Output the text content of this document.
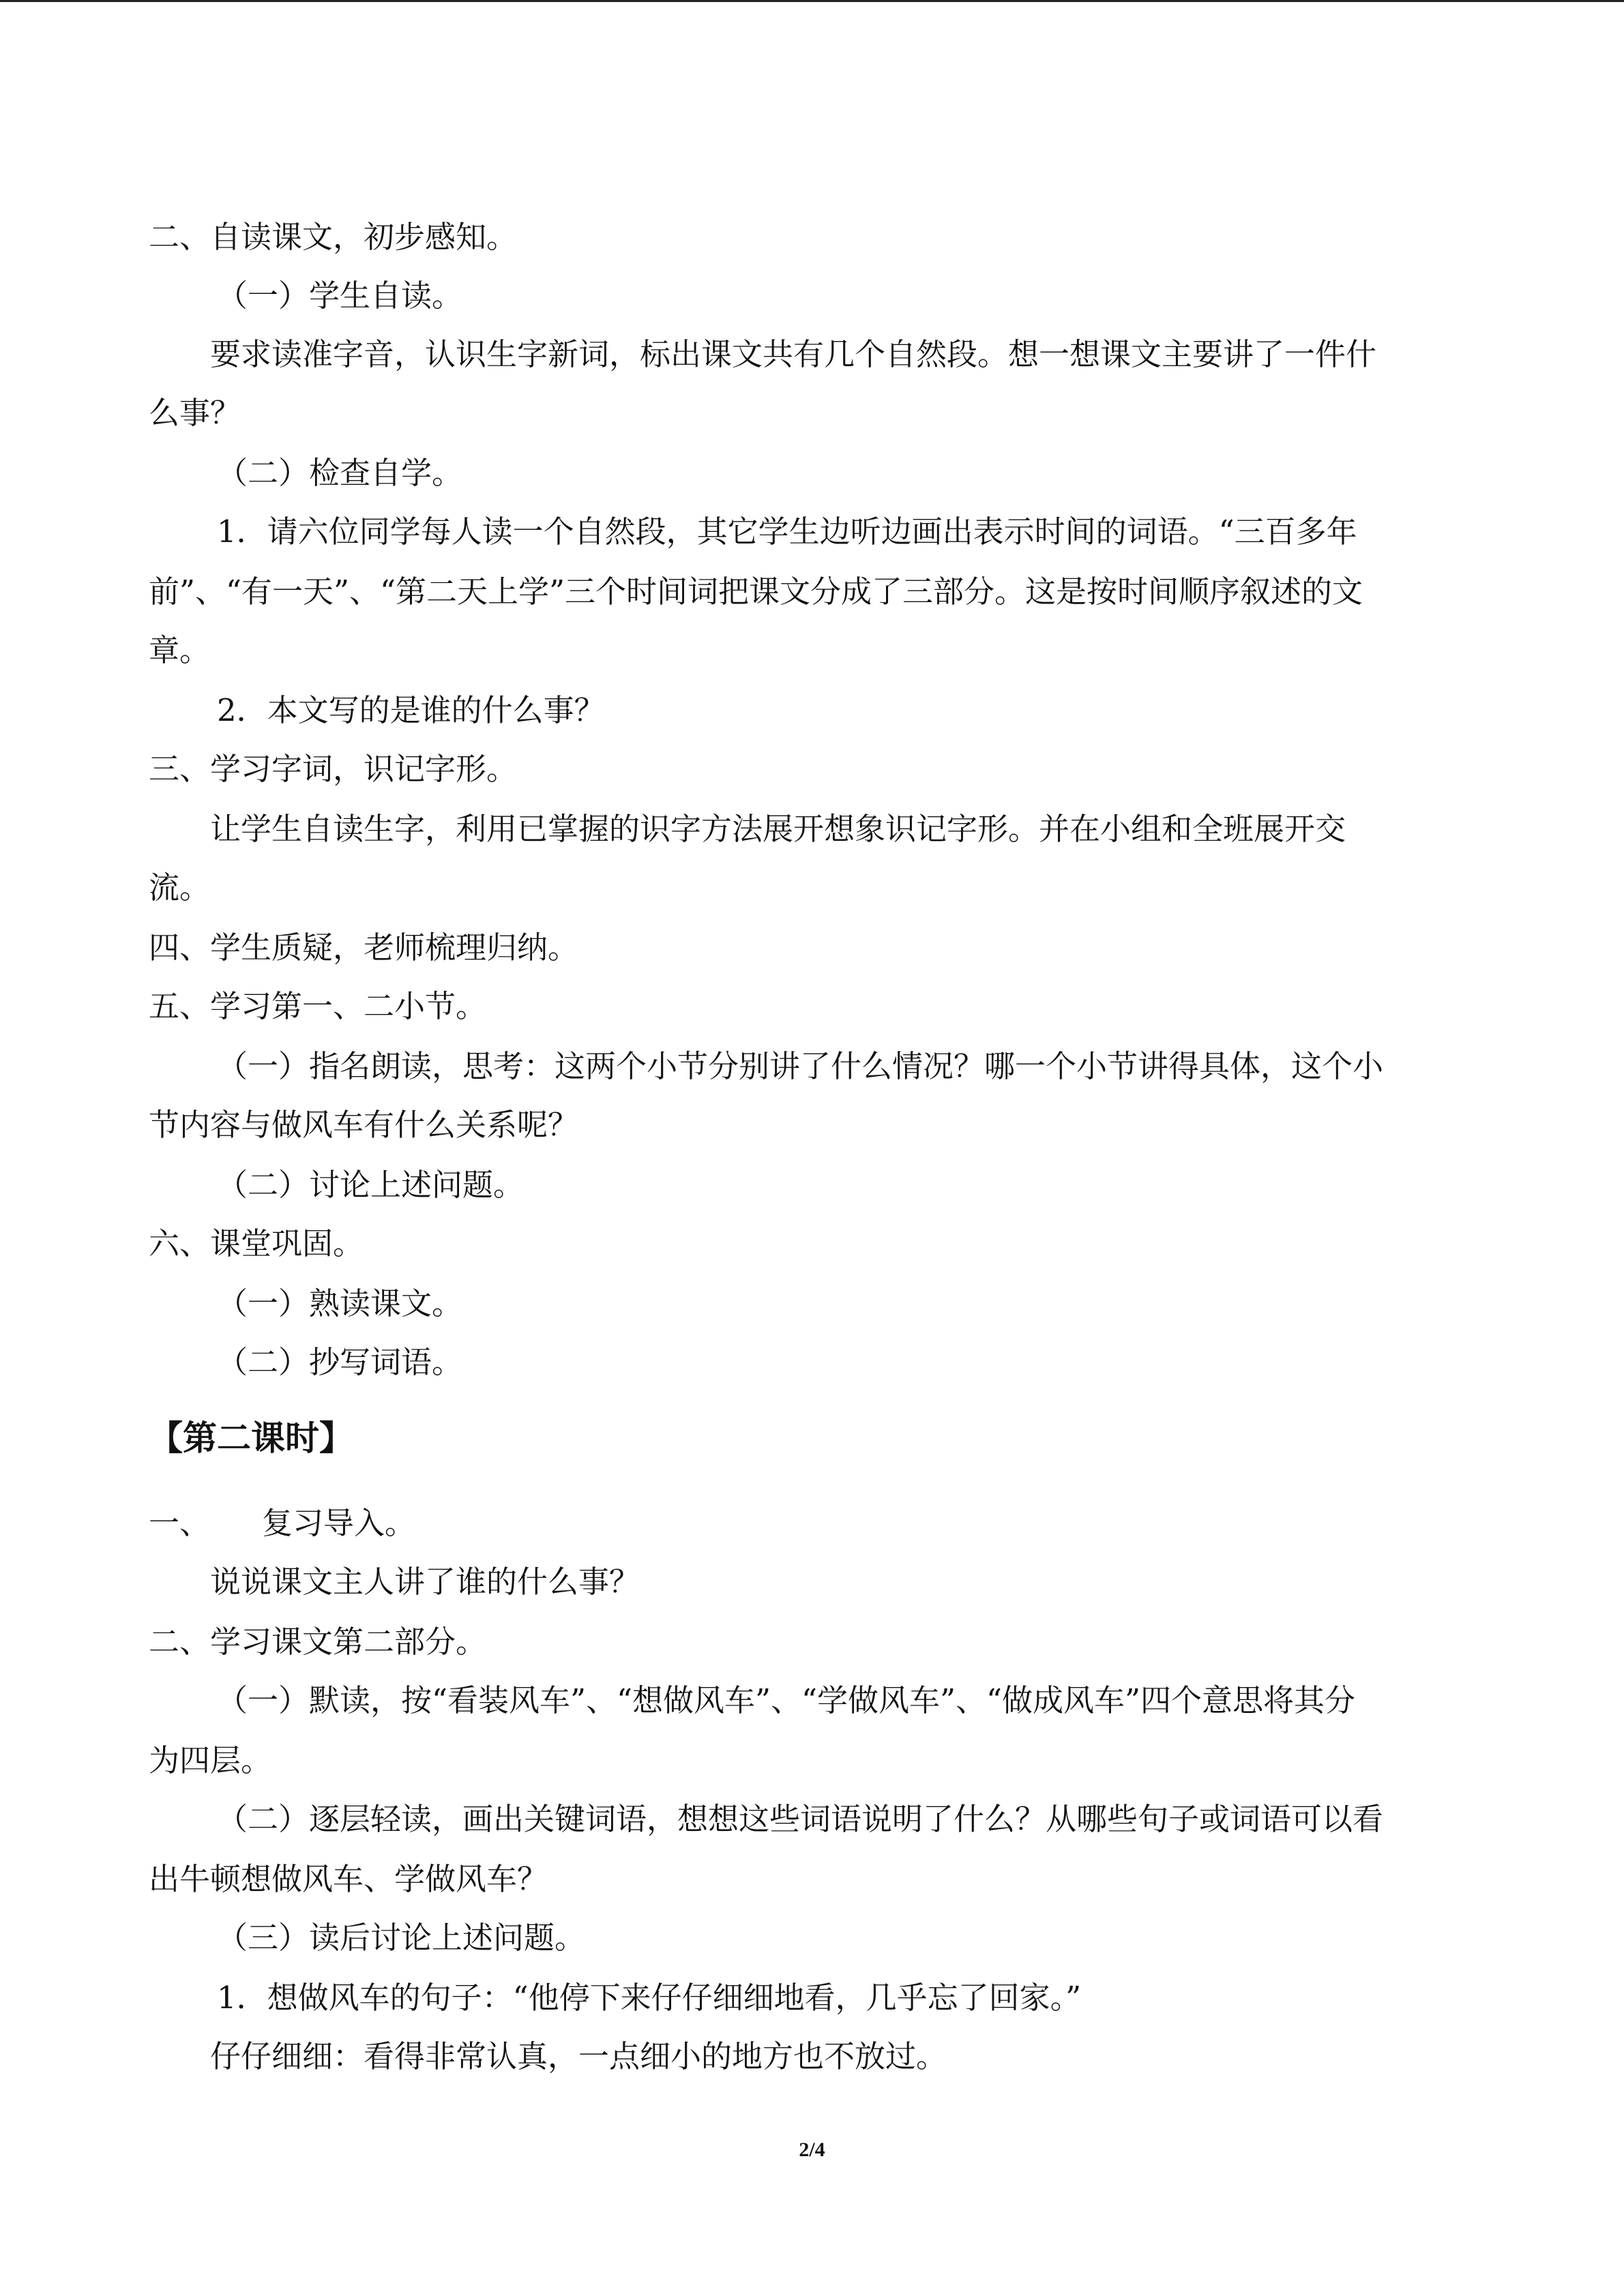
二、自读课文，初步感知。
（一）学生自读。
要求读准字音，认识生字新词，标出课文共有几个自然段。想一想课文主要讲了一件什
么事？
（二）检查自学。
1．请六位同学每人读一个自然段，其它学生边听边画出表示时间的词语。“三百多年
前”、“有一天”、“第二天上学”三个时间词把课文分成了三部分。这是按时间顺序叙述的文
章。
2．本文写的是谁的什么事？
三、学习字词，识记字形。
让学生自读生字，利用已掌握的识字方法展开想象识记字形。并在小组和全班展开交
流。
四、学生质疑，老师梳理归纳。
五、学习第一、二小节。
（一）指名朗读，思考：这两个小节分别讲了什么情况？哪一个小节讲得具体，这个小
节内容与做风车有什么关系呢？
（二）讨论上述问题。
六、课堂巩固。
（一）熟读课文。
（二）抄写词语。
【第二课时】
一、	复习导入。
说说课文主人讲了谁的什么事？
二、学习课文第二部分。
（一）默读，按“看装风车”、“想做风车”、“学做风车”、“做成风车”四个意思将其分
为四层。
（二）逐层轻读，画出关键词语，想想这些词语说明了什么？从哪些句子或词语可以看
出牛顿想做风车、学做风车？
（三）读后讨论上述问题。
1．想做风车的句子：“他停下来仔仔细细地看，几乎忘了回家。”
仔仔细细：看得非常认真，一点细小的地方也不放过。
2/4
